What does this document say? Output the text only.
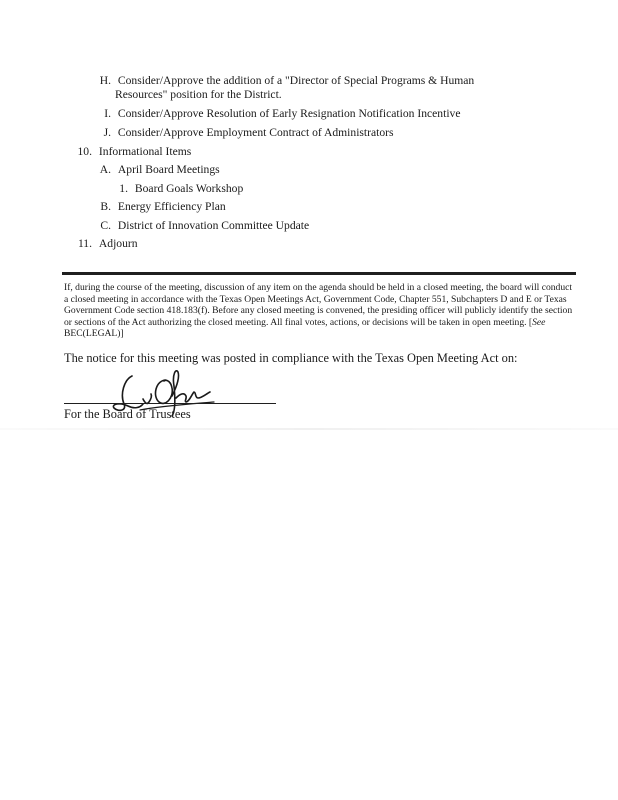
H. Consider/Approve the addition of a "Director of Special Programs & Human
Resources" position for the District.
I. Consider/Approve Resolution of Early Resignation Notification Incentive
J. Consider/Approve Employment Contract of Administrators
10. Informational Items
A. April Board Meetings
1. Board Goals Workshop
B. Energy Efficiency Plan
C. District of Innovation Committee Update
11. Adjourn
If, during the course of the meeting, discussion of any item on the agenda should be held in a closed meeting, the board will conduct a closed meeting in accordance with the Texas Open Meetings Act, Government Code, Chapter 551, Subchapters D and E or Texas Government Code section 418.183(f). Before any closed meeting is convened, the presiding officer will publicly identify the section or sections of the Act authorizing the closed meeting. All final votes, actions, or decisions will be taken in open meeting. [See BEC(LEGAL)]
The notice for this meeting was posted in compliance with the Texas Open Meeting Act on:
For the Board of Trustees
